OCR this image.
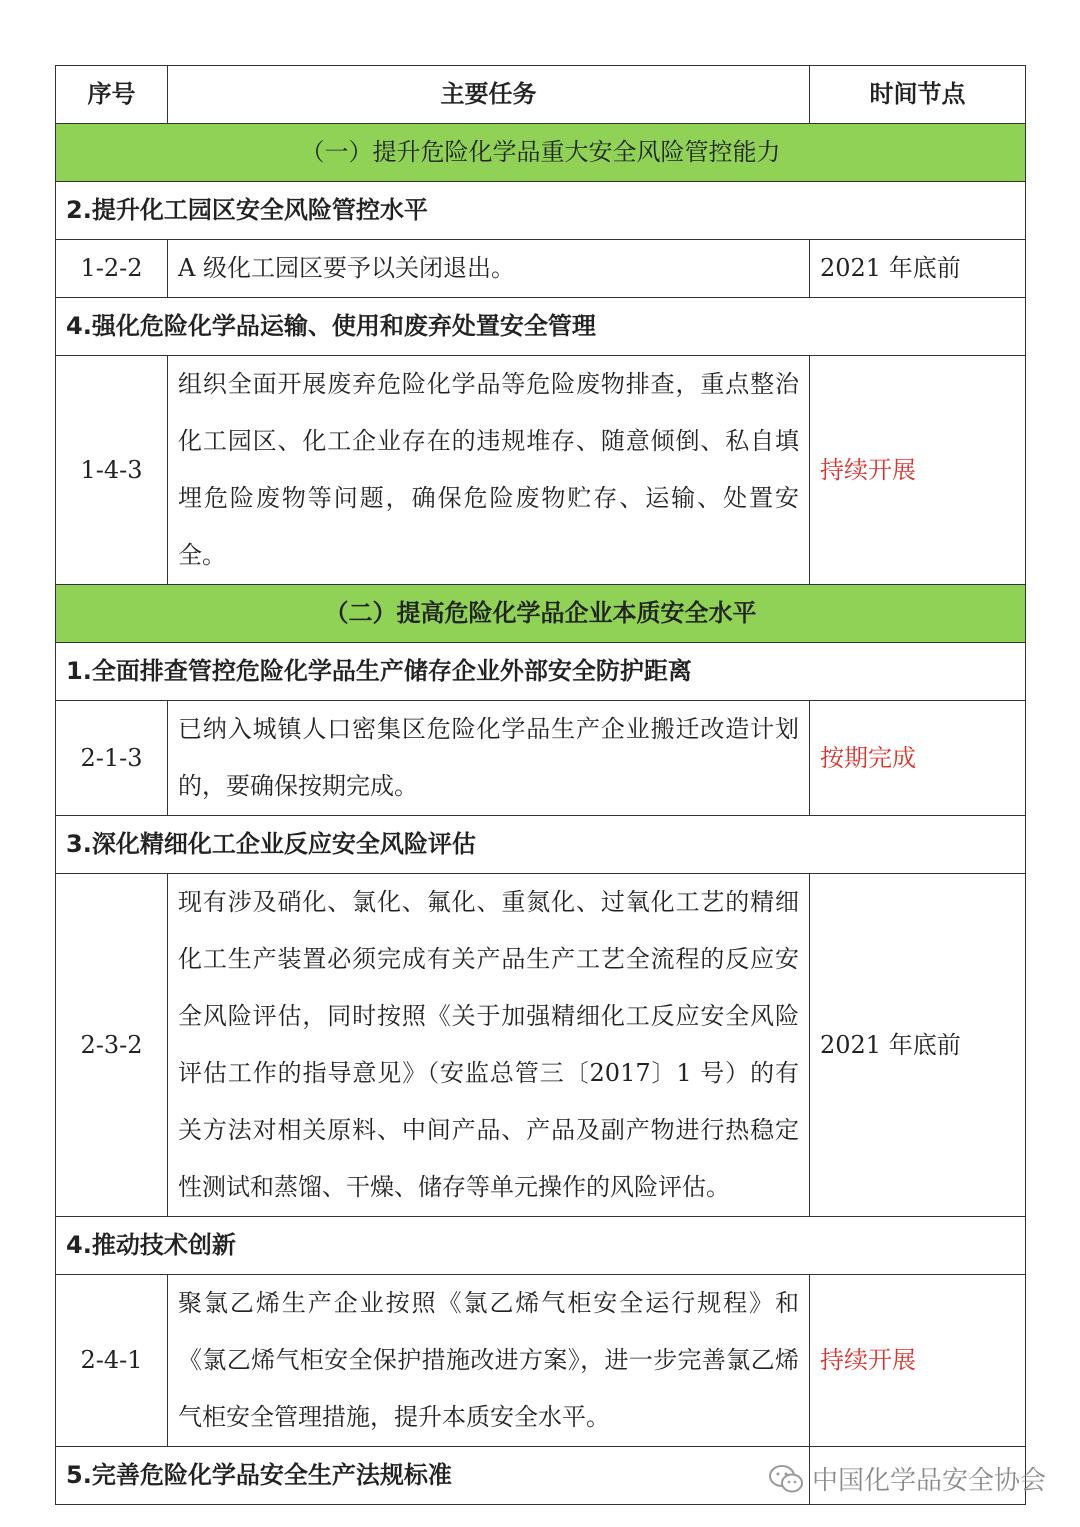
序号	主要任务	时间节点
（一）提升危险化学品重大安全风险管控能力		
2.提升化工园区安全风险管控水平		
1-2-2	A 级化工园区要予以关闭退出。	2021 年底前
4.强化危险化学品运输、使用和废弃处置安全管理		
1-4-3	组织全面开展废弃危险化学品等危险废物排查，重点整治化工园区、化工企业存在的违规堆存、随意倾倒、私自填埋危险废物等问题，确保危险废物贮存、运输、处置安全。	持续开展
（二）提高危险化学品企业本质安全水平		
1.全面排查管控危险化学品生产储存企业外部安全防护距离		
2-1-3	已纳入城镇人口密集区危险化学品生产企业搬迁改造计划的，要确保按期完成。	按期完成
3.深化精细化工企业反应安全风险评估		
2-3-2	现有涉及硝化、氯化、氟化、重氮化、过氧化工艺的精细化工生产装置必须完成有关产品生产工艺全流程的反应安全风险评估，同时按照《关于加强精细化工反应安全风险评估工作的指导意见》（安监总管三〔2017〕1 号）的有关方法对相关原料、中间产品、产品及副产物进行热稳定性测试和蒸馏、干燥、储存等单元操作的风险评估。	2021 年底前
4.推动技术创新		
2-4-1	聚氯乙烯生产企业按照《氯乙烯气柜安全运行规程》和《氯乙烯气柜安全保护措施改进方案》，进一步完善氯乙烯气柜安全管理措施，提升本质安全水平。	持续开展
5.完善危险化学品安全生产法规标准			中国化学品安全协会
